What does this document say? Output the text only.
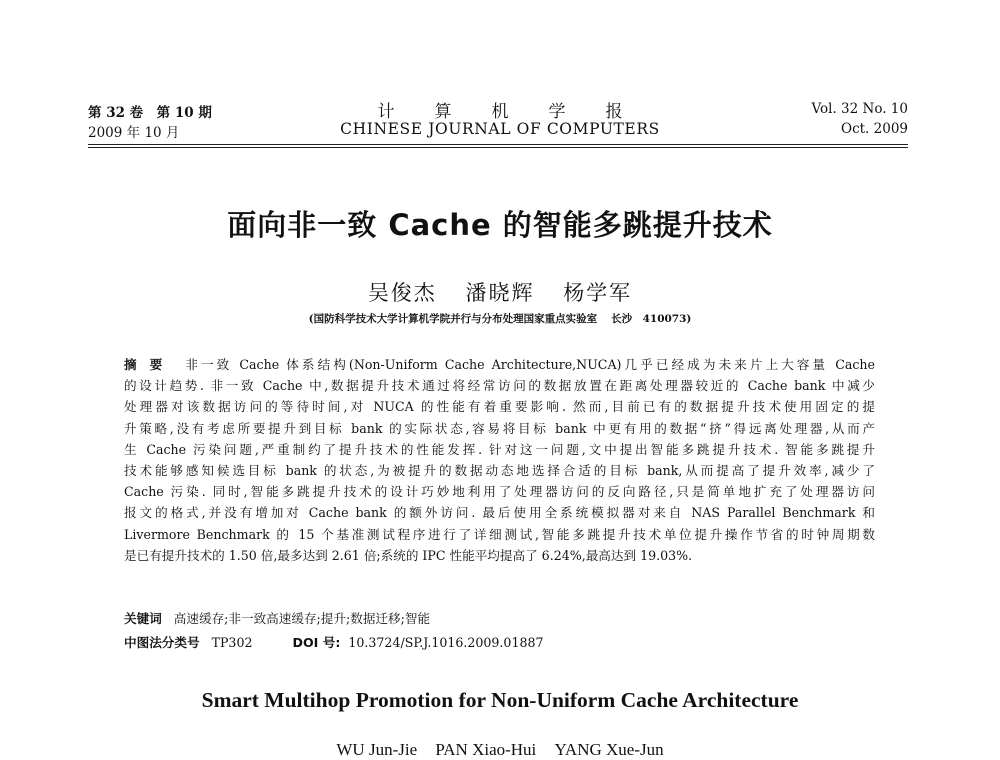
第 32 卷　第 10 期
2009 年 10 月
计算机学报
CHINESE JOURNAL OF COMPUTERS
Vol. 32 No. 10
Oct. 2009
面向非一致 Cache 的智能多跳提升技术
吴俊杰 潘晓辉 杨学军
(国防科学技术大学计算机学院并行与分布处理国家重点实验室 长沙　410073)
摘要 非一致 Cache 体系结构(Non-Uniform Cache Architecture,NUCA)几乎已经成为未来片上大容量 Cache
的设计趋势. 非一致 Cache 中,数据提升技术通过将经常访问的数据放置在距离处理器较近的 Cache bank 中减少
处理器对该数据访问的等待时间,对 NUCA 的性能有着重要影响. 然而,目前已有的数据提升技术使用固定的提
升策略,没有考虑所要提升到目标 bank 的实际状态,容易将目标 bank 中更有用的数据“挤”得远离处理器,从而产
生 Cache 污染问题,严重制约了提升技术的性能发挥. 针对这一问题,文中提出智能多跳提升技术. 智能多跳提升
技术能够感知候选目标 bank 的状态,为被提升的数据动态地选择合适的目标 bank,从而提高了提升效率,减少了
Cache 污染. 同时,智能多跳提升技术的设计巧妙地利用了处理器访问的反向路径,只是简单地扩充了处理器访问
报文的格式,并没有增加对 Cache bank 的额外访问. 最后使用全系统模拟器对来自 NAS Parallel Benchmark 和
Livermore Benchmark 的 15 个基准测试程序进行了详细测试,智能多跳提升技术单位提升操作节省的时钟周期数
是已有提升技术的 1.50 倍,最多达到 2.61 倍;系统的 IPC 性能平均提高了 6.24%,最高达到 19.03%.
关键词 高速缓存;非一致高速缓存;提升;数据迁移;智能
中图法分类号 TP302	DOI 号: 10.3724/SP.J.1016.2009.01887
Smart Multihop Promotion for Non-Uniform Cache Architecture
WU Jun-Jie PAN Xiao-Hui YANG Xue-Jun
